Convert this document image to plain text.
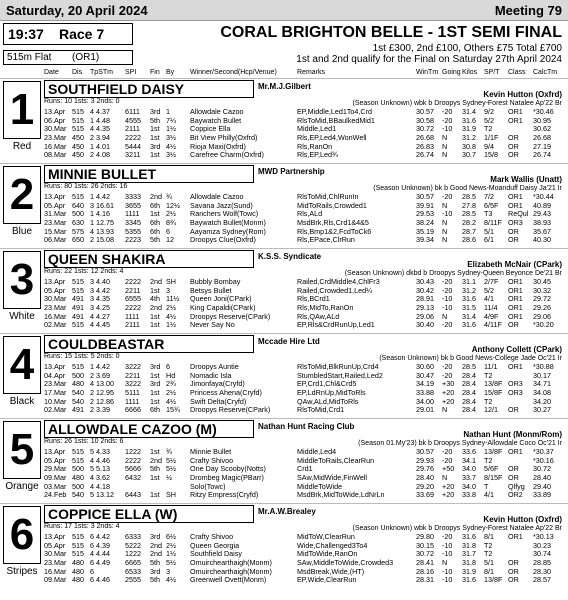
Saturday, 20 April 2024	Meeting 79
19:37 Race 7
515m Flat (OR1)
CORAL BRIGHTON BELLE - 1ST SEMI FINAL
1st £300, 2nd £100, Others £75 Total £700
1st and 2nd qualify for the Final on Saturday 27th April 2024
Date Dis TpSTm SPI Fin By Winner/Second(Hcp/Venue)	Remarks	WinTm Going Kilos SP/T Class CalcTm
1
Red
SOUTHFIELD DAISY	Mr.M.J.Gilbert
Runs: 10 1sts: 3 2nds: 0
Kevin Hutton (Oxfrd)
(Season Unknown) wbk b Droopys Sydney-Forest Natalee Ap'22 Br
13.Apr 515 4 4.37 6111 3rd 1	Allowdale Cazoo	EP,Middle,Led1To4,Crd	30.57 -20 31.4 9/2 OR1 *30.46
06.Apr 515 1 4.48 4555 5th 7¼ Baywatch Bullet	RlsToMid,BBaulkedMid1	30.58 -20 31.6 5/2 OR1 30.95
30.Mar 515 4 4.35 2111 1st 1½ Coppice Ella	Middle,Led1	30.72 -10 31.9 T2	30.62
23.Mar 450 2 3.94 2222 1st 3½ Bit View Philly(Oxfrd)	Rls,EP,Led4,WonWell	26.68 N 31.2 1/1F OR 26.68
16.Mar 450 1 4.01 5444 3rd 4½ Rioja Maxi(Oxfrd)	Rls,RanOn	26.83 N 30.8 9/4 OR 27.19
08.Mar 450 2 4.08 3211 1st 3½ Carefree Charm(Oxfrd)	Rls,EP,Led¾	26.74 N 30.7 15/8 OR 26.74
2
Blue
MINNIE BULLET	MWD Partnership
Runs: 80 1sts: 26 2nds: 16
Mark Wallis (Unatt)
(Season Unknown) bk b Good News-Moanduff Daisy Ja'21 Ir
13.Apr 515 1 4.42 3333 2nd ¾	Allowdale Cazoo	RlsToMid,ChlRunIn	30.57 -20 28.5 7/2 OR1 *30.44
05.Apr 640 3 16.61 3655 6th 12½ Savana Jazz(Sund)	MidToRails,Crowded1	39.91 N 27.8 6/5F OR1 40.89
31.Mar 500 1 4.16 1111 1st 2½ Ranchers Wolf(Towc)	Rls,ALd	29.53 -10 28.5 T3 ReQul 29.43
23.Mar 630 1 12.75 3345 6th 8¾ Baywatch Bullet(Monm)	MsdBrk,Rls,Crd1&4&5	38.24 N 28.2 8/11F OR3 38.93
15.Mar 575 4 13.93 5355 6th 6	Aayamza Sydney(Rom)	Rls,Bmp1&2,FcdToCk6	35.19 N 28.7 5/1 OR 35.67
06.Mar 650 2 15.08 2223 5th 12 Droopys Clue(Oxfrd)	Rls,EPace,ClrRun	39.34 N 28.6 6/1 OR 40.30
3
White
QUEEN SHAKIRA	K.S.S. Syndicate
Runs: 22 1sts: 12 2nds: 4
Elizabeth McNair (CPark)
(Season Unknown) dkbd b Droopys Sydney-Queen Beyonce De'21 Br
13.Apr 515 3 4.40 2222 2nd SH Bubbly Bombay	Railed,CrdMiddle4,ChlFr3	30.43 -20 31.1 2/7F OR1 30.45
05.Apr 515 3 4.42 2211 1st 3	Betsys Bullet	Railed,Crowded1,Led¼	30.42 -20 31.2 5/2 OR1 30.32
30.Mar 491 3 4.35 6555 4th 11½ Queen Joni(CPark)	Rls,BCrd1	28.91 -10 31.6 4/1 OR1 29.72
23.Mar 491 3 4.25 2222 2nd 2½ King Capaldi(CPark)	Rls,MidTo,RanOn	29.13 -10 31.5 11/4 OR1 29.26
16.Mar 491 4 4.27 1111 1st 4½ Droopys Reserve(CPark)	Rls,QAw,ALd	29.06 N 31.4 4/9F OR1 29.06
02.Mar 515 4 4.45 2111 1st 1½ Never Say No	EP,Rls&CrdRunUp,Led1	30.40 -20 31.6 4/11F OR *30.20
4
Black
COULDBEASTAR	Mccade Hire Ltd
Runs: 15 1sts: 5 2nds: 0
Anthony Collett (CPark)
(Season Unknown) bk b Good News-College Jade Oc'21 Ir
13.Apr 515 1 4.42 3222 3rd 6	Droopys Auntie	RlsToMid,BlkRunUp,Crd4	30.60 -20 28.5 11/1 OR1 *30.88
04.Apr 500 2 3.69 2211 1st Hd Nomadic Isla	StumbledStart,Railed,Led2	30.47 -20 28.4 T2	30.17
23.Mar 480 4 13.00 3222 3rd 2¾ Jimonfaya(Cryfd)	EP,Crd1,Chl&Crd5	34.19 +30 28.4 13/8F OR3 34.71
17.Mar 540 2 12.95 5111 1st 2½ Princess Ahena(Cryfd)	EP,LdRnUp,MidToRls	33.88 +20 28.4 15/8F OR3 34.08
10.Mar 540 2 12.86 1111 1st 4½ Swift Delta(Cryfd)	QAw,ALd,MidToRls	34.00 +20 28.4 T2	34.20
02.Mar 491 2 3.39 6666 6th 15¾ Droopys Reserve(CPark)	RlsToMid,Crd1	29.01 N 28.4 12/1 OR 30.27
5
Orange
ALLOWDALE CAZOO (M)	Nathan Hunt Racing Club
Runs: 26 1sts: 10 2nds: 6
Nathan Hunt (Monm/Rom)
(Season 01.My'23) bk b Droopys Sydney-Allowdale Coco Oc'21 Ir
13.Apr 515 5 4.33 1222 1st ¾	Minnie Bullet	Middle,Led4	30.57 -20 33.6 13/8F OR1 *30.37
05.Apr 515 4 4.46 2222 2nd 5½ Crafty Shivoo	MiddleToRails,ClearRun	29.93 -20 34.1 T2	*30.16
29.Mar 500 5 5.13 5666 5th 5½ One Day Scooby(Notts)	Crd1	29.76 +50 34.0 5/6F OR 30.72
09.Mar 480 4 3.62 6432 1st ½	Drombeg Magic(PBarr)	SAw,MidWide,FinWell	28.40 N 33.7 8/15F OR 28.40
03.Mar 500 4 4.18	Solo(Towc)	MiddleToWide	29.20 +20 34.0 T	Qlfyg 29.40
24.Feb 540 5 13.12 6443 1st SH Ritzy Empress(Cryfd)	MsdBrk,MidToWide,LdNrLn	33.69 +20 33.8 4/1 OR2 33.89
6
Stripes
COPPICE ELLA (W)	Mr.A.W.Brealey
Runs: 17 1sts: 3 2nds: 4
Kevin Hutton (Oxfrd)
(Season Unknown) wbk b Droopys Sydney-Forest Natalee Ap'22 Br
13.Apr 515 6 4.42 6333 3rd 6½ Crafty Shivoo	MidToW,ClearRun	29.80 -20 31.6 8/1 OR1 *30.13
05.Apr 515 6 4.39 5222 2nd 2½ Queen Georgia	Wide,Challenged3To4	30.15 -10 31.8 T2	30.23
30.Mar 515 4 4.44 1222 2nd 1½ Southfield Daisy	MidToWide,RanOn	30.72 -10 31.7 T2	30.74
23.Mar 480 6 4.49 6665 5th 5½ Omuirchearthaigh(Monm)	SAw,MiddleToWide,Crowded3	28.41 N 31.8 5/1 OR 28.85
16.Mar 480 6	6533 3rd 3	Omuirchearthaigh(Monm)	MsdBreak,Wide,(HT)	28.16 -10 31.9 8/1 OR 28.30
09.Mar 480 6 4.46 2555 5th 4½ Greenwell Ovett(Monm)	EP,Wide,ClearRun	28.31 -10 31.6 13/8F OR 28.57
